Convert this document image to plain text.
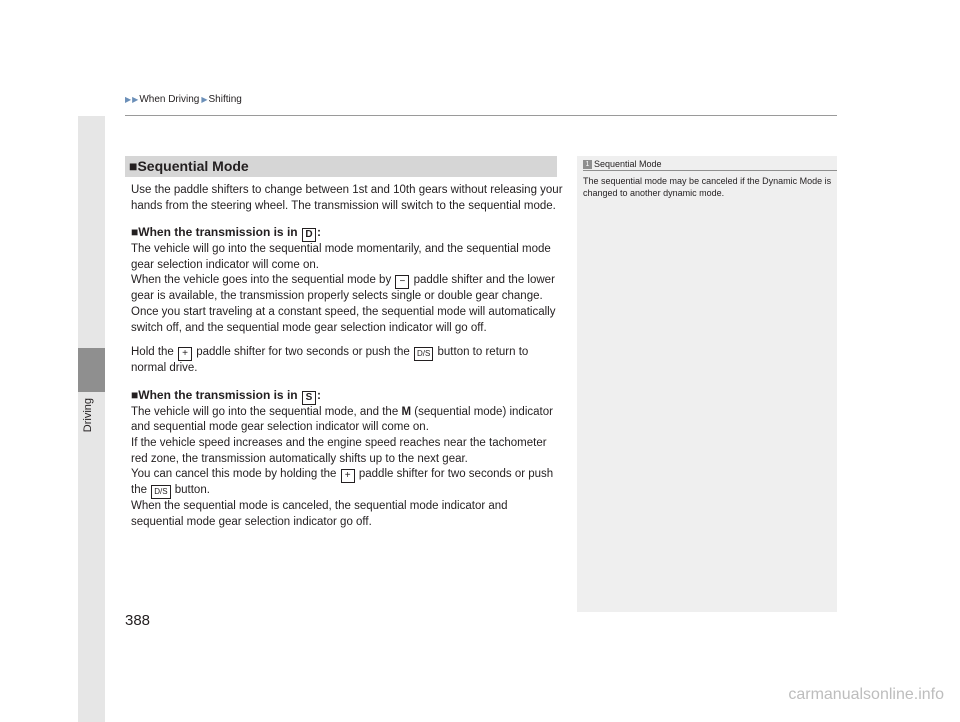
▶ ▶ When Driving ▶ Shifting
Driving
■Sequential Mode

Use the paddle shifters to change between 1st and 10th gears without releasing your hands from the steering wheel. The transmission will switch to the sequential mode.

■When the transmission is in D :

The vehicle will go into the sequential mode momentarily, and the sequential mode gear selection indicator will come on.

When the vehicle goes into the sequential mode by − paddle shifter and the lower gear is available, the transmission properly selects single or double gear change.

Once you start traveling at a constant speed, the sequential mode will automatically switch off, and the sequential mode gear selection indicator will go off.

Hold the + paddle shifter for two seconds or push the D/S button to return to normal drive.

■When the transmission is in S :

The vehicle will go into the sequential mode, and the M (sequential mode) indicator and sequential mode gear selection indicator will come on.

If the vehicle speed increases and the engine speed reaches near the tachometer red zone, the transmission automatically shifts up to the next gear.

You can cancel this mode by holding the + paddle shifter for two seconds or push the D/S button.

When the sequential mode is canceled, the sequential mode indicator and sequential mode gear selection indicator go off.

1 Sequential Mode
The sequential mode may be canceled if the Dynamic Mode is changed to another dynamic mode.
388
carmanualsonline.info
